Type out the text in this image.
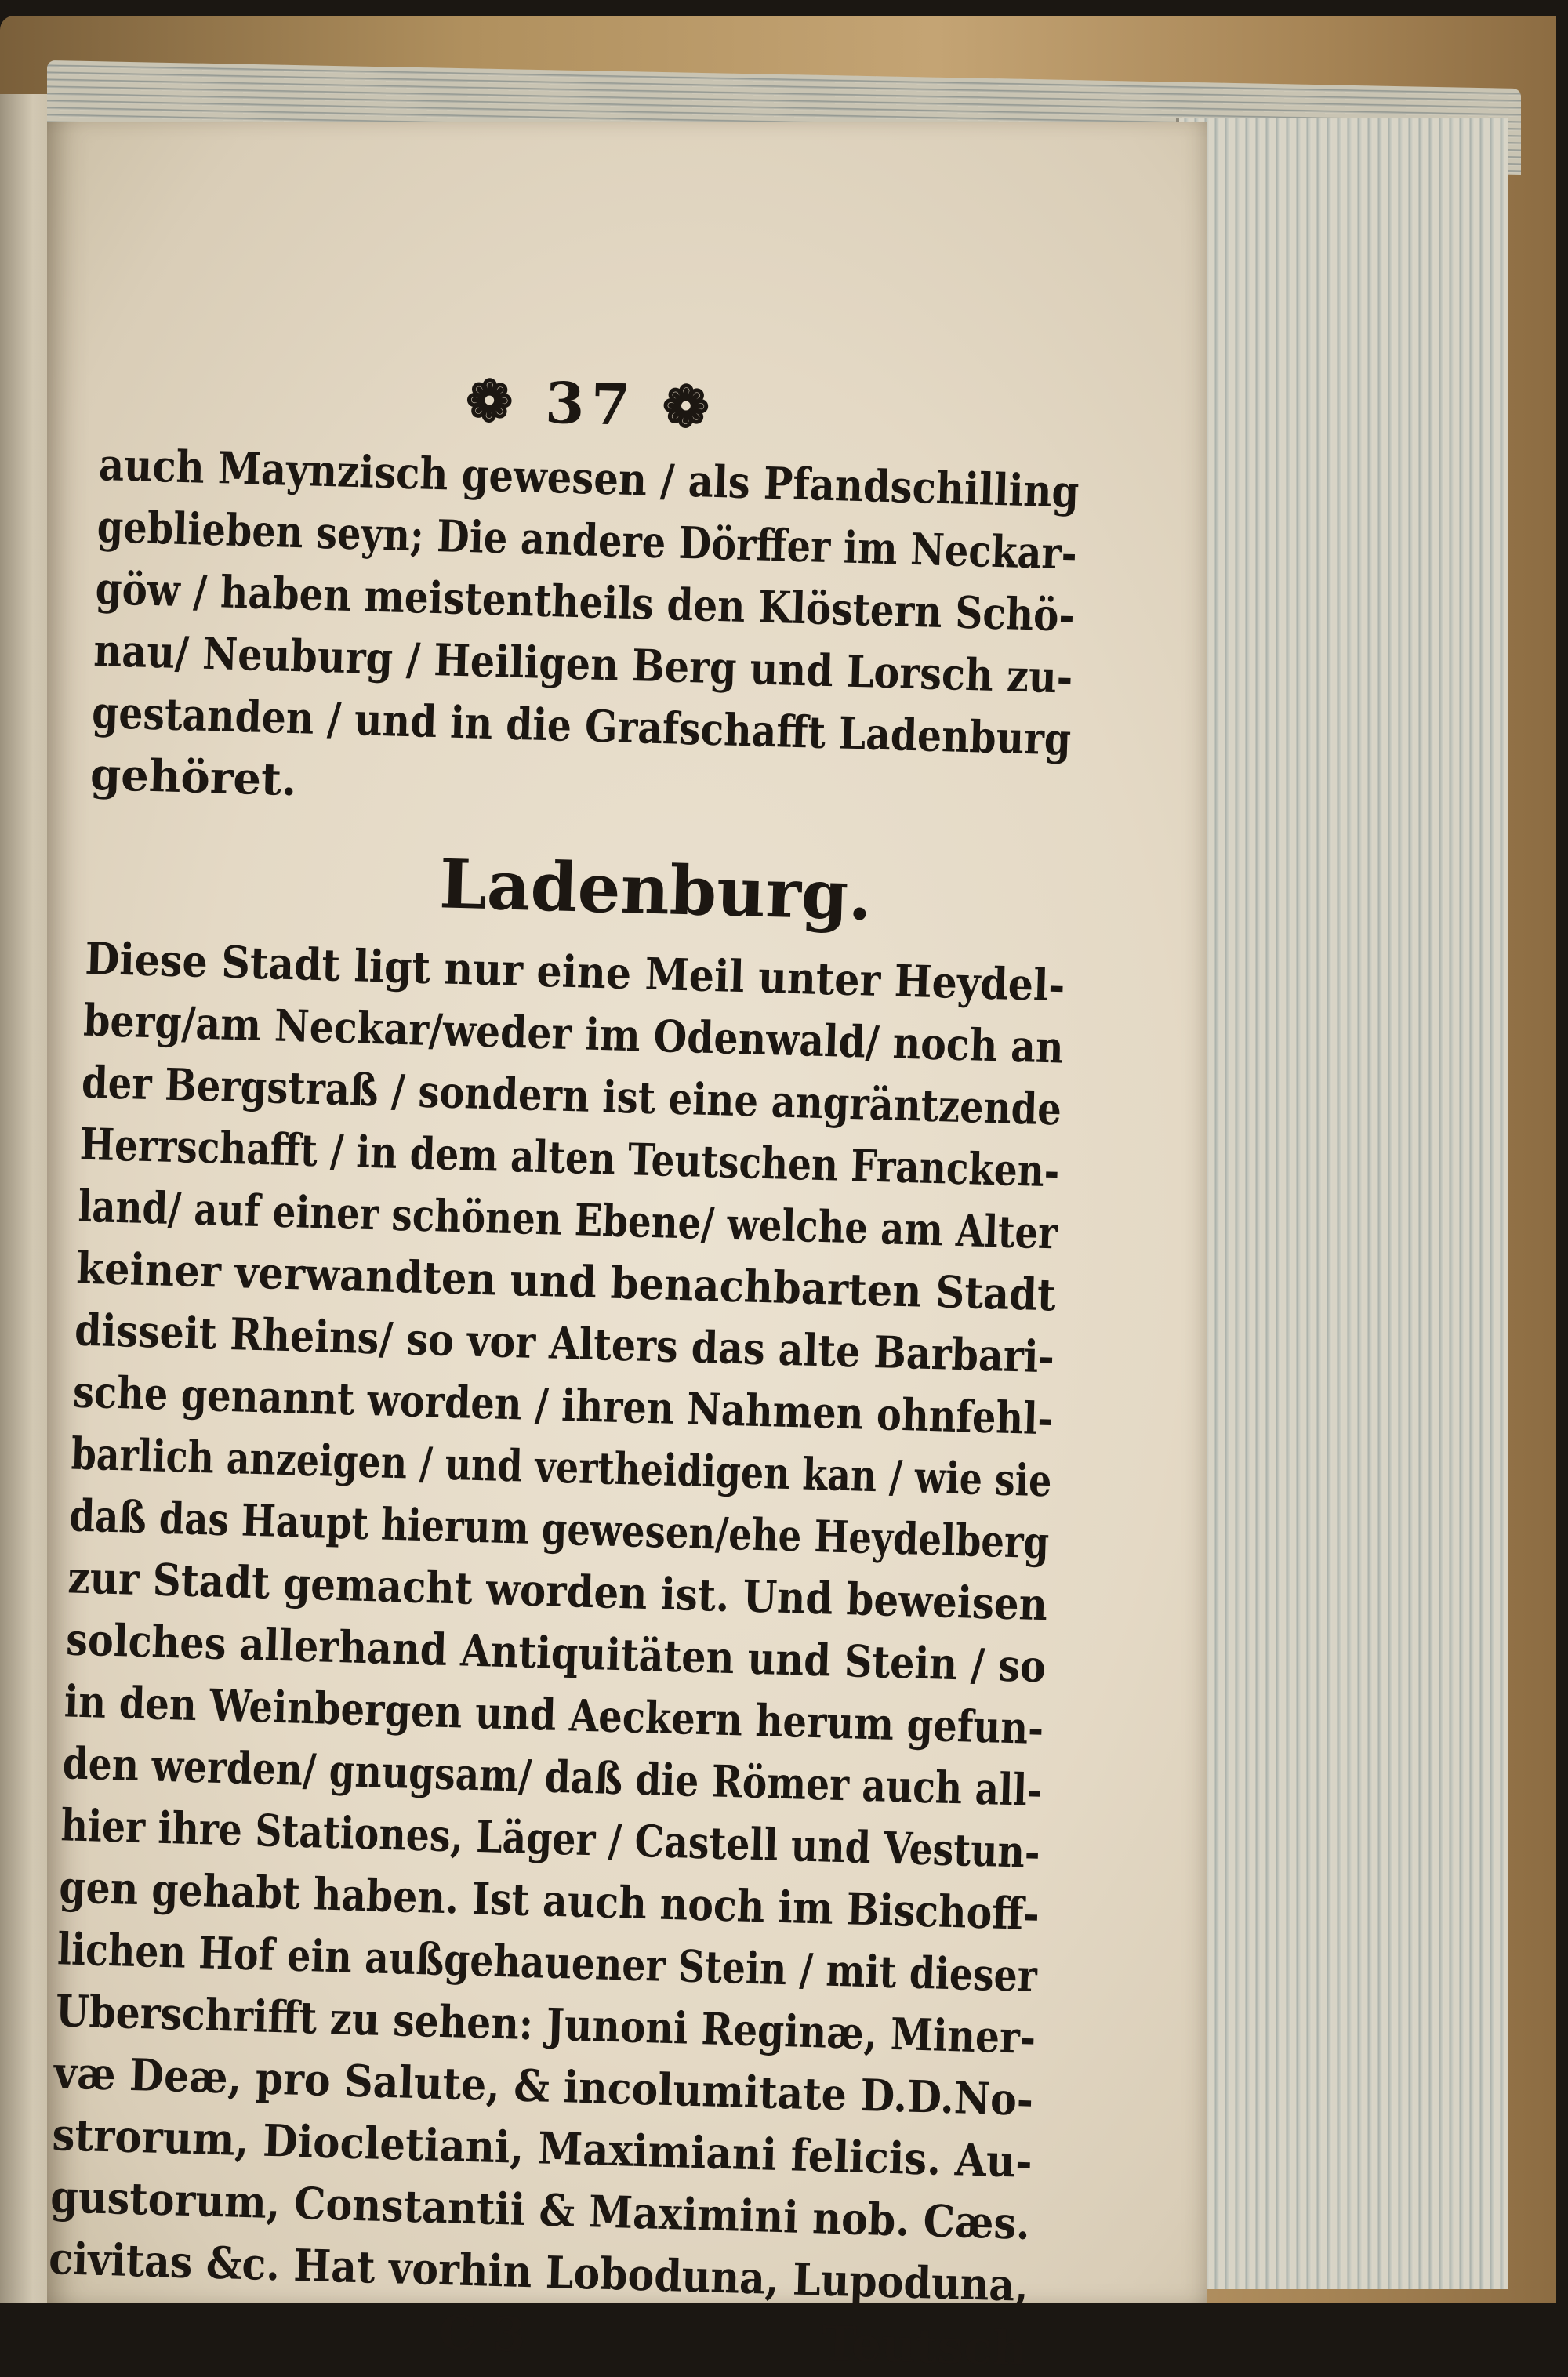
❁ 37 ❁
auch Maynzisch gewesen / als Pfandschilling
geblieben seyn; Die andere Dörffer im Neckar-
göw / haben meistentheils den Klöstern Schö-
nau/ Neuburg / Heiligen Berg und Lorsch zu-
gestanden / und in die Grafschafft Ladenburg
gehöret.
Ladenburg.
Diese Stadt ligt nur eine Meil unter Heydel-
berg/am Neckar/weder im Odenwald/ noch an
der Bergstraß / sondern ist eine angräntzende
Herrschafft / in dem alten Teutschen Francken-
land/ auf einer schönen Ebene/ welche am Alter
keiner verwandten und benachbarten Stadt
disseit Rheins/ so vor Alters das alte Barbari-
sche genannt worden / ihren Nahmen ohnfehl-
barlich anzeigen / und vertheidigen kan / wie sie
daß das Haupt hierum gewesen/ehe Heydelberg
zur Stadt gemacht worden ist. Und beweisen
solches allerhand Antiquitäten und Stein / so
in den Weinbergen und Aeckern herum gefun-
den werden/ gnugsam/ daß die Römer auch all-
hier ihre Stationes, Läger / Castell und Vestun-
gen gehabt haben. Ist auch noch im Bischoff-
lichen Hof ein außgehauener Stein / mit dieser
Uberschrifft zu sehen: Junoni Reginæ, Miner-
væ Deæ, pro Salute, & incolumitate D.D.No-
strorum, Diocletiani, Maximiani felicis. Au-
gustorum, Constantii & Maximini nob. Cæs.
civitas &c. Hat vorhin Loboduna, Lupoduna,
C 3	Teutsch
